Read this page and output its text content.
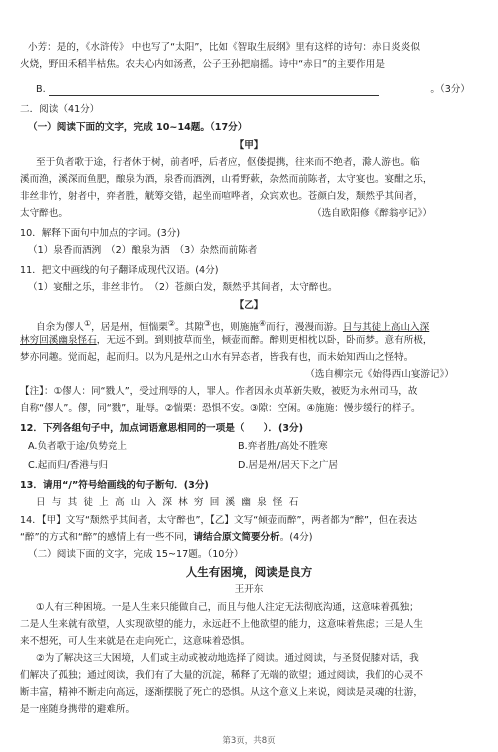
小芳：是的，《水浒传》 中也写了“太阳”，比如《智取生辰纲》里有这样的诗句：赤日炎炎似
火烧，野田禾稻半枯焦。农夫心内如汤煮，公子王孙把扇摇。诗中“赤日”的主要作用是
B.	。（3分）
二．阅读（41分）
（一）阅读下面的文字，完成 10~14题。（17分）
【甲】
至于负者歌于途，行者休于树，前者呼，后者应，伛偻提携，往来而不绝者，滁人游也。临
溪而渔，溪深而鱼肥，酿泉为酒，泉香而酒洌，山肴野蔌，杂然而前陈者，太守宴也。宴酣之乐，
非丝非竹，射者中，弈者胜，觥筹交错，起坐而喧哗者，众宾欢也。苍颜白发，颓然乎其间者，
太守醉也。	（选自欧阳修《醉翁亭记》）
10．解释下面句中加点的字词。(3分)
（1）泉香而酒洌　（2）酿泉为酒　（3）杂然而前陈者
11．把文中画线的句子翻译成现代汉语。(4分)
（1）宴酣之乐，非丝非竹。　（2）苍颜白发，颓然乎其间者，太守醉也。
【乙】
自余为僇人①，居是州，恒惴栗②。其隙③也，则施施④而行，漫漫而游。日与其徒上高山入深
林穷回溪幽泉怪石，无远不到。到则披草而坐，倾壶而醉。醉则更相枕以卧，卧而梦。意有所极，
梦亦同趣。觉而起，起而归。以为凡是州之山水有异态者，皆我有也，而未始知西山之怪特。
（选自柳宗元《始得西山宴游记》）
【注】：①僇人：同“戮人”，受过刑辱的人，罪人。作者因永贞革新失败，被贬为永州司马，故
自称“僇人”。僇，同“戮”，耻辱。②惴栗：恐惧不安。③隙：空闲。④施施：慢步缓行的样子。
12．下列各组句子中，加点词语意思相同的一项是（　　）．(3分)
A.负者歌于途/负势竞上	B.弈者胜/高处不胜寒
C.起而归/香港与归	D.居是州/居天下之广居
13．请用“/”符号给画线的句子断句．(3分)
日与其徒上高山入深林穷回溪幽泉怪石
14．【甲】文写“颓然乎其间者，太守醉也”，【乙】文写“倾壶而醉”，两者都为“醉”，但在表达
“醉”的方式和“醉”的感情上有一些不同，请结合原文简要分析。(4分)
（二）阅读下面的文字，完成 15~17题。（10分）
人生有困境，阅读是良方
王开东
①人有三种困境。一是人生来只能做自己，而且与他人注定无法彻底沟通，这意味着孤独；
二是人生来就有欲望，人实现欲望的能力，永远赶不上他欲望的能力，这意味着焦虑；三是人生
来不想死，可人生来就是在走向死亡，这意味着恐惧。
②为了解决这三大困境，人们或主动或被动地选择了阅读。通过阅读，与圣贤促膝对话，我
们解决了孤独；通过阅读，我们有了大量的沉淀，稀释了无端的欲望；通过阅读，我们的心灵不
断丰富，精神不断走向高远，逐渐摆脱了死亡的恐惧。从这个意义上来说，阅读是灵魂的壮游，
是一座随身携带的避难所。
第3页，共8页
